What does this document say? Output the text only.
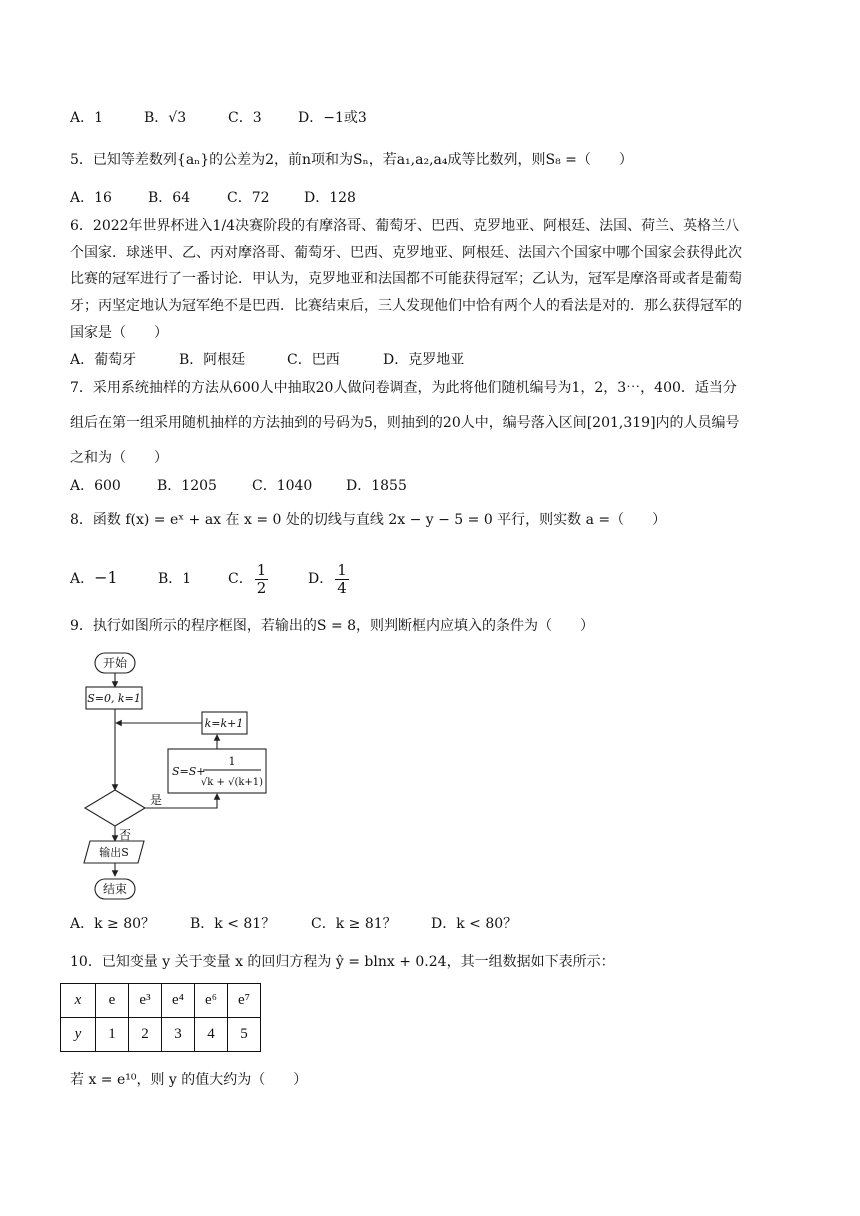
A．1	B．√3	C．3	D．−1或3
5．已知等差数列{aₙ}的公差为2，前n项和为Sₙ，若a₁,a₂,a₄成等比数列，则S₈ =（　　）
A．16	B．64	C．72 D．128
6．2022年世界杯进入1/4决赛阶段的有摩洛哥、葡萄牙、巴西、克罗地亚、阿根廷、法国、荷兰、英格兰八
个国家．球迷甲、乙、丙对摩洛哥、葡萄牙、巴西、克罗地亚、阿根廷、法国六个国家中哪个国家会获得此次
比赛的冠军进行了一番讨论．甲认为，克罗地亚和法国都不可能获得冠军；乙认为，冠军是摩洛哥或者是葡萄
牙；丙坚定地认为冠军绝不是巴西．比赛结束后，三人发现他们中恰有两个人的看法是对的．那么获得冠军的
国家是（　　）
A．葡萄牙	B．阿根廷	C．巴西	D．克罗地亚
7．采用系统抽样的方法从600人中抽取20人做问卷调查，为此将他们随机编号为1，2，3⋯，400．适当分
组后在第一组采用随机抽样的方法抽到的号码为5，则抽到的20人中，编号落入区间[201,319]内的人员编号
之和为（　　）
A．600	B．1205	C．1040 D．1855
8．函数 f(x) = eˣ + ax 在 x = 0 处的切线与直线 2x − y − 5 = 0 平行，则实数 a =（　　）
A．−1	B．1	C． $\frac{1}{2}$	D． $\frac{1}{4}$
9．执行如图所示的程序框图，若输出的S = 8，则判断框内应填入的条件为（　　）
开始
S=0, k=1
k=k+1
S=S+
1
√k + √(k+1)
是
否
输出S
结束
A．k ≥ 80？ B．k < 81？	C．k ≥ 81？ D．k < 80？
10．已知变量 y 关于变量 x 的回归方程为 ŷ = blnx + 0.24，其一组数据如下表所示：
x	e	e³	e⁴	e⁶	e⁷
y	1	2	3	4	5
若 x = e¹⁰，则 y 的值大约为（　　）
